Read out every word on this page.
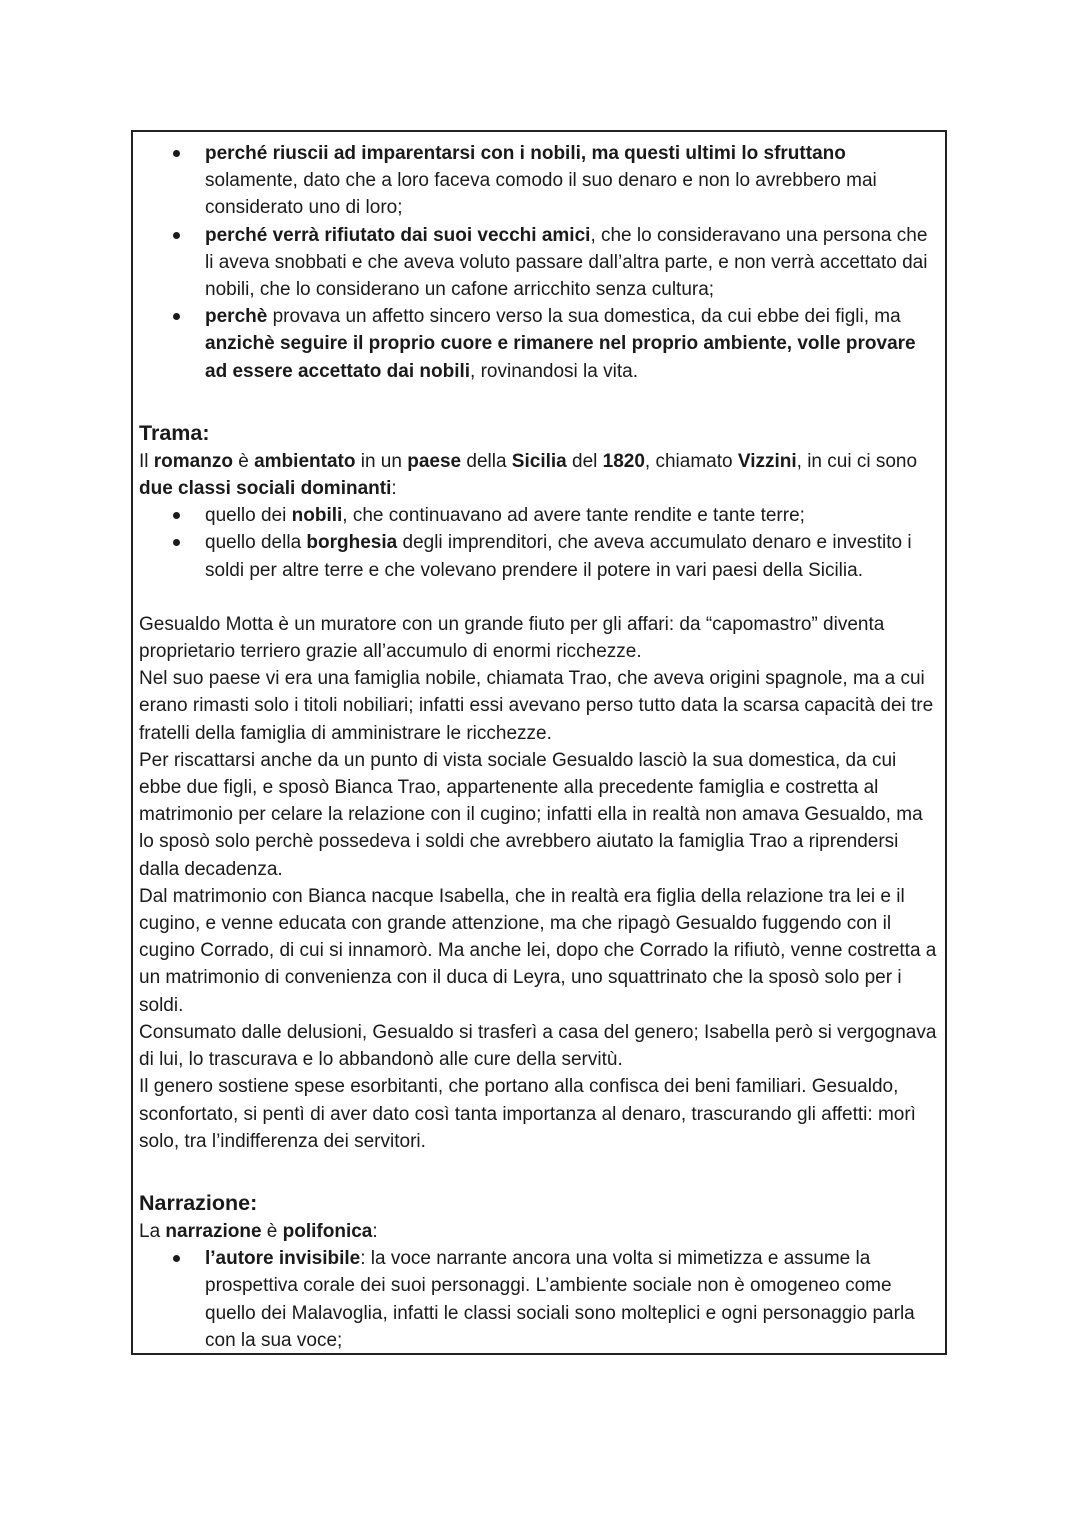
perché riuscii ad imparentarsi con i nobili, ma questi ultimi lo sfruttano solamente, dato che a loro faceva comodo il suo denaro e non lo avrebbero mai considerato uno di loro;
perché verrà rifiutato dai suoi vecchi amici, che lo consideravano una persona che li aveva snobbati e che aveva voluto passare dall’altra parte, e non verrà accettato dai nobili, che lo considerano un cafone arricchito senza cultura;
perchè provava un affetto sincero verso la sua domestica, da cui ebbe dei figli, ma anzichè seguire il proprio cuore e rimanere nel proprio ambiente, volle provare ad essere accettato dai nobili, rovinandosi la vita.
Trama:

Il romanzo è ambientato in un paese della Sicilia del 1820, chiamato Vizzini, in cui ci sono due classi sociali dominanti:

quello dei nobili, che continuavano ad avere tante rendite e tante terre;
quello della borghesia degli imprenditori, che aveva accumulato denaro e investito i soldi per altre terre e che volevano prendere il potere in vari paesi della Sicilia.

Gesualdo Motta è un muratore con un grande fiuto per gli affari: da “capomastro” diventa proprietario terriero grazie all’accumulo di enormi ricchezze.

Nel suo paese vi era una famiglia nobile, chiamata Trao, che aveva origini spagnole, ma a cui erano rimasti solo i titoli nobiliari; infatti essi avevano perso tutto data la scarsa capacità dei tre fratelli della famiglia di amministrare le ricchezze.

Per riscattarsi anche da un punto di vista sociale Gesualdo lasciò la sua domestica, da cui ebbe due figli, e sposò Bianca Trao, appartenente alla precedente famiglia e costretta al matrimonio per celare la relazione con il cugino; infatti ella in realtà non amava Gesualdo, ma lo sposò solo perchè possedeva i soldi che avrebbero aiutato la famiglia Trao a riprendersi dalla decadenza.

Dal matrimonio con Bianca nacque Isabella, che in realtà era figlia della relazione tra lei e il cugino, e venne educata con grande attenzione, ma che ripagò Gesualdo fuggendo con il cugino Corrado, di cui si innamorò. Ma anche lei, dopo che Corrado la rifiutò, venne costretta a un matrimonio di convenienza con il duca di Leyra, uno squattrinato che la sposò solo per i soldi.

Consumato dalle delusioni, Gesualdo si trasferì a casa del genero; Isabella però si vergognava di lui, lo trascurava e lo abbandonò alle cure della servitù.

Il genero sostiene spese esorbitanti, che portano alla confisca dei beni familiari. Gesualdo, sconfortato, si pentì di aver dato così tanta importanza al denaro, trascurando gli affetti: morì solo, tra l’indifferenza dei servitori.

Narrazione:

La narrazione è polifonica:

l’autore invisibile: la voce narrante ancora una volta si mimetizza e assume la prospettiva corale dei suoi personaggi. L’ambiente sociale non è omogeneo come quello dei Malavoglia, infatti le classi sociali sono molteplici e ogni personaggio parla con la sua voce;
